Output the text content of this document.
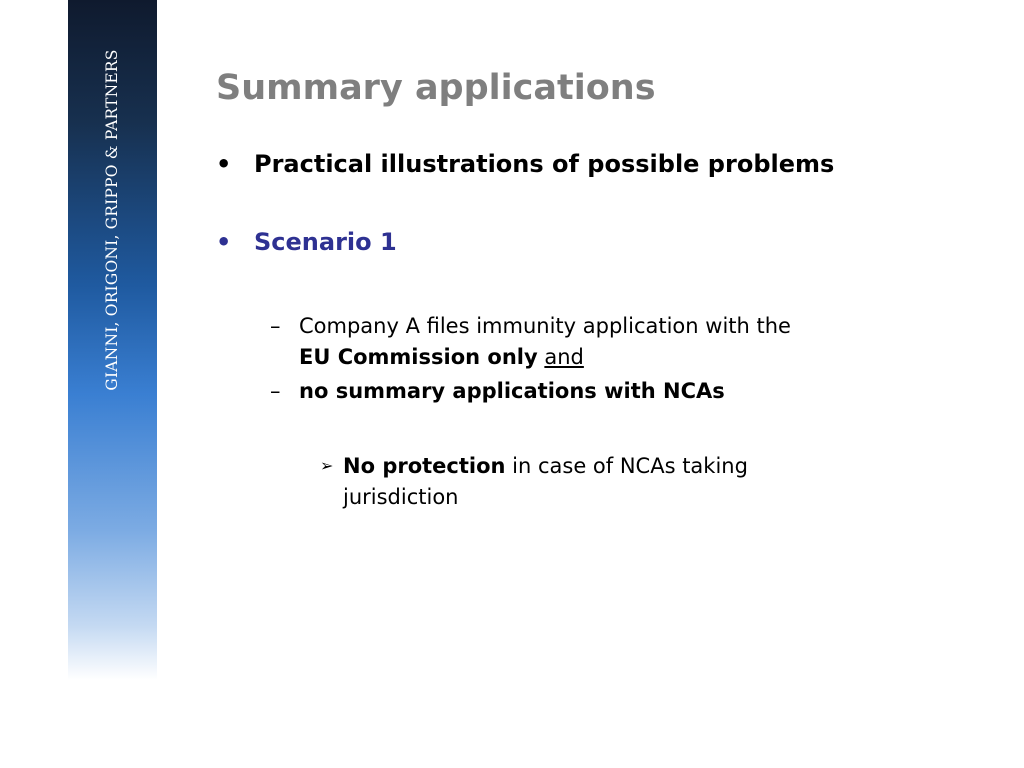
GIANNI, ORIGONI, GRIPPO & PARTNERS	Summary applications
• Practical illustrations of possible problems
• Scenario 1
– Company A files immunity application with the
EU Commission only and
– no summary applications with NCAs
➢ No protection in case of NCAs taking
jurisdiction
